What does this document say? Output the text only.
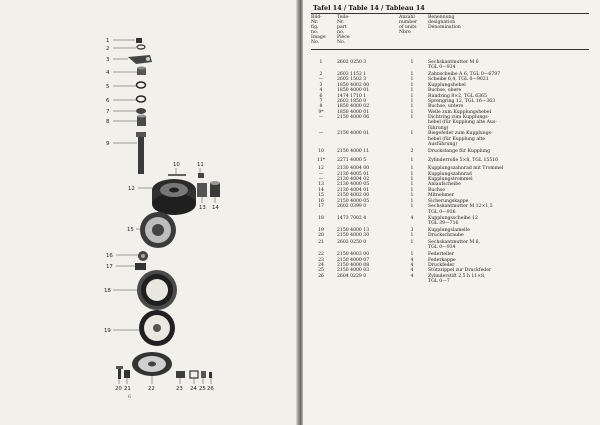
1
2
3
4
5
6
7
8
9
10	11
12
13 14
15
16
17
18
19
20 21	22	23 24 25 26
6
Tafel 14 / Table 14 / Tableau 14
Bild-
Nr.
fig.
no.
Image
No.
Teile-
Nr.
part
no.
Pièce
No.
Anzahl
number
of units
Nbre
Benennung
designation
Dénomination
1	2602 0250 3	1	Sechskantmutter M 6
TGL 0—934
2	2603 1153 1	1	Zahnscheibe A 6, TGL 0—6797
—	2603 1502 3	1	Scheibe 6,4, TGL 0—9021
3	1850 4002 00	1	Kupplungshebel
4	1850 4000 01	1	Buchse, obere
6	1474 1710 1	1	Rundring 8×2, TGL 6365
7	2603 1850 0	1	Sprengring 12, TGL 16—363
8	1850 4000 02	1	Buchse, untere
9*	1850 4000 01	1	Welle zum Kupplungshebel
—	2150 4000 06	1	Dichtring zum Kupplungs-
hebel (für Kupplung alte Aus-
führung)
—	2150 4000 01	1	Biegefeder zum Kupplungs-
hebel (für Kupplung alte
Ausführung)
10	2150 4000 11	2	Druckstange für Kupplung
11*	2271 4000 5	1	Zylinderrolle 5×8, TGL 15516
12	2130 4004 00	1	Kupplungszahnrad mit Trommel
—	2130 4005 01	1	Kupplungszahnrad
—	2130 4004 02	1	Kupplungstrommel
13	2130 4000 05	1	Anlaufscheibe
14	2130 4004 01	1	Buchse
15	2150 4002 00	1	Mitnehmer
16	2150 4000 05	1	Sicherungskappe
17	2602 0399 0	1	Sechskantmutter M 12×1,5
TGL 0—936
18	1473 7002 4	4	Kupplungsscheibe 12
TGL 39—716
19	2150 4000 13	3	Kupplungslamelle
20	2150 4000 30	1	Druckschraube
21	2602 0250 0	1	Sechskantmutter M 6,
TGL 0—934
22	2150 4003 00	1	Federteller
23	2150 4000 07	4	Federkappe
24	2150 4000 08	4	Druckfeder
25	2150 4000 03	4	Stützzippel zur Druckfeder
26	2604 0229 0	4	Zylinderstift 2,5 h 11×8,
TGL 0—7
